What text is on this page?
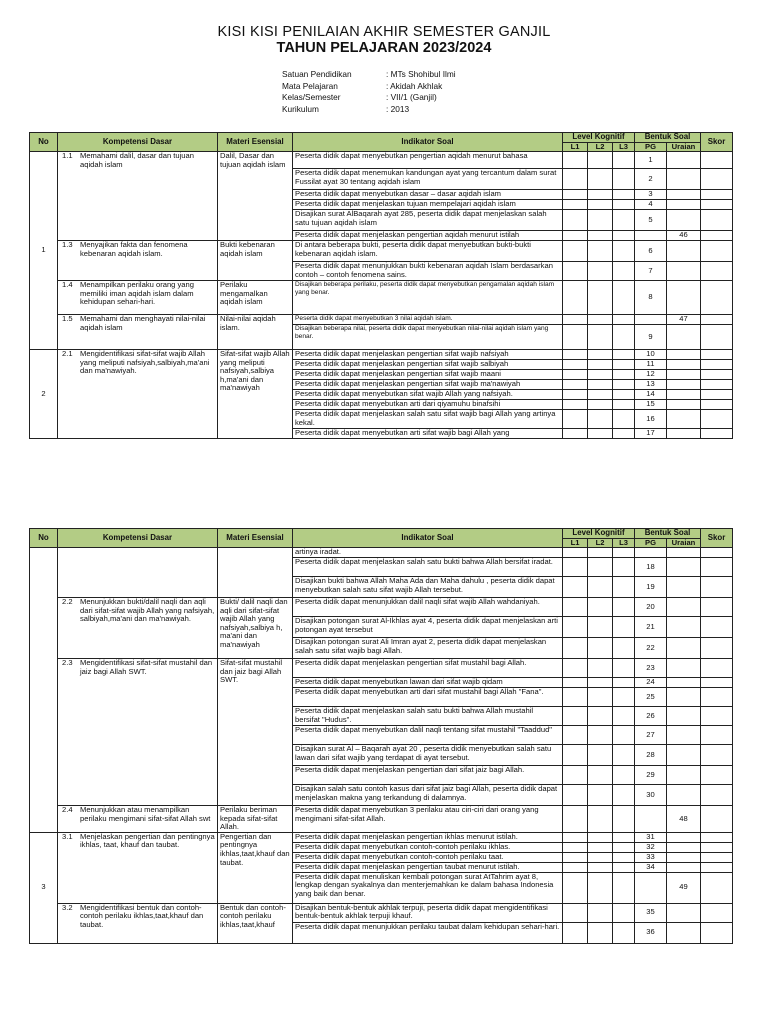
KISI KISI PENILAIAN AKHIR SEMESTER GANJIL
TAHUN PELAJARAN 2023/2024
Satuan Pendidikan	: MTs Shohibul Ilmi
Mata Pelajaran	: Akidah Akhlak
Kelas/Semester	: VII/1 (Ganjil)
Kurikulum	: 2013
No	Kompetensi Dasar	Materi Esensial	Indikator Soal	Level Kognitif			Bentuk Soal		Skor
				L1	L2	L3	PG	Uraian	
1	1.1 Memahami dalil, dasar dan tujuan aqidah islam	Dalil, Dasar dan tujuan aqidah islam	Peserta didik dapat menyebutkan pengertian aqidah menurut bahasa				1		
			Peserta didik dapat menemukan kandungan ayat yang tercantum dalam surat Fussilat ayat 30 tentang aqidah islam				2		
			Peserta didik dapat menyebutkan dasar – dasar aqidah islam				3		
			Peserta didik dapat menjelaskan tujuan mempelajari aqidah islam				4		
			Disajikan surat AlBaqarah ayat 285, peserta didik dapat menjelaskan salah satu tujuan aqidah islam				5		
			Peserta didik dapat menjelaskan pengertian aqidah menurut istilah					46	

	1.3 Menyajikan fakta dan fenomena kebenaran aqidah islam.	Bukti kebenaran aqidah islam	Di antara beberapa bukti, peserta didik dapat menyebutkan bukti-bukti kebenaran aqidah islam.				6		
			Peserta didik dapat menunjukkan bukti kebenaran aqidah Islam berdasarkan contoh – contoh fenomena sains.				7		

	1.4 Menampilkan perilaku orang yang memiliki iman aqidah islam dalam kehidupan sehari-hari.	Perilaku mengamalkan aqidah islam	Disajikan beberapa perilaku, peserta didik dapat menyebutkan pengamalan aqidah islam yang benar.				8		

	1.5 Memahami dan menghayati nilai-nilai aqidah islam	Nilai-nilai aqidah islam.	Peserta didik dapat menyebutkan 3 nilai aqidah islam.					47	
			Disajikan beberapa nilai, peserta didik dapat menyebutkan nilai-nilai aqidah islam yang benar.				9		
2	2.1 Mengidentifikasi sifat-sifat wajib Allah yang meliputi nafsiyah,salbiyah,ma'ani dan ma'nawiyah.	Sifat-sifat wajib Allah yang meliputi nafsiyah,salbiya h,ma'ani dan ma'nawiyah	Peserta didik dapat menjelaskan pengertian sifat wajib nafsiyah				10		
			Peserta didik dapat menjelaskan pengertian sifat wajib salbiyah				11		
			Peserta didik dapat menjelaskan pengertian sifat wajib maani				12		
			Peserta didik dapat menjelaskan pengertian sifat wajib ma'nawiyah				13		
			Peserta didik dapat menyebutkan sifat wajib Allah yang nafsiyah.				14		
			Peserta didik dapat menyebutkan arti dari qiyamuhu binafsihi				15		
			Peserta didik dapat menjelaskan salah satu sifat wajib bagi Allah yang artinya kekal.				16		
			Peserta didik dapat menyebutkan arti sifat wajib bagi Allah yang				17		
No	Kompetensi Dasar	Materi Esensial	Indikator Soal	Level Kognitif			Bentuk Soal		Skor
				L1	L2	L3	PG	Uraian	
			artinya iradat.						
			Peserta didik dapat menjelaskan salah satu bukti bahwa Allah bersifat iradat.				18		
			Disajikan bukti bahwa Allah Maha Ada dan Maha dahulu , peserta didik dapat menyebutkan salah satu sifat wajib Allah tersebut.				19		

	2.2 Menunjukkan bukti/dalil naqli dan aqli dari sifat-sifat wajib Allah yang nafsiyah, salbiyah,ma'ani dan ma'nawiyah.	Bukti/ dalil naqli dan aqli dari sifat-sifat wajib Allah yang nafsiyah,salbiya h, ma'ani dan ma'nawiyah	Peserta didik dapat menunjukkan dalil naqli sifat wajib Allah wahdaniyah.				20		
			Disajikan potongan surat Al-Ikhlas ayat 4, peserta didik dapat menjelaskan arti potongan ayat tersebut				21		
			Disajikan potongan surat Ali Imran ayat 2, peserta didik dapat menjelaskan salah satu sifat wajib bagi Allah.				22		

	2.3 Mengidentifikasi sifat-sifat mustahil dan jaiz bagi Allah SWT.	Sifat-sifat mustahil dan jaiz bagi Allah SWT.	Peserta didik dapat menjelaskan pengertian sifat mustahil bagi Allah.				23		
			Peserta didik dapat menyebutkan lawan dari sifat wajib qidam				24		
			Peserta didik dapat menyebutkan arti dari sifat mustahil bagi Allah "Fana".				25		
			Peserta didik dapat menjelaskan salah satu bukti bahwa Allah mustahil bersifat "Hudus".				26		
			Peserta didik dapat menyebutkan dalil naqli tentang sifat mustahil "Taaddud"				27		
			Disajikan surat Al – Baqarah ayat 20 , peserta didik menyebutkan salah satu lawan dari sifat wajib yang terdapat di ayat tersebut.				28		
			Peserta didik dapat menjelaskan pengertian dari sifat jaiz bagi Allah.				29		
			Disajikan salah satu contoh kasus dari sifat jaiz bagi Allah, peserta didik dapat menjelaskan makna yang terkandung di dalamnya.				30		

	2.4 Menunjukkan atau menampilkan perilaku mengimani sifat-sifat Allah swt	Perilaku beriman kepada sifat-sifat Allah.	Peserta didik dapat menyebutkan 3 perilaku atau ciri-ciri dari orang yang mengimani sifat-sifat Allah.					48	
3	3.1 Menjelaskan pengertian dan pentingnya ikhlas, taat, khauf dan taubat.	Pengertian dan pentingnya ikhlas,taat,khauf dan taubat.	Peserta didik dapat menjelaskan pengertian ikhlas menurut istilah.				31		
			Peserta didik dapat menyebutkan contoh-contoh perilaku ikhlas.				32		
			Peserta didik dapat menyebutkan contoh-contoh perilaku taat.				33		
			Peserta didik dapat menjelaskan pengertian taubat menurut istilah.				34		
			Peserta didik dapat menuliskan kembali potongan surat AtTahrim ayat 8, lengkap dengan syakalnya dan menterjemahkan ke dalam bahasa Indonesia yang baik dan benar.					49	

	3.2 Mengidentifikasi bentuk dan contoh-contoh perilaku ikhlas,taat,khauf dan taubat.	Bentuk dan contoh-contoh perilaku ikhlas,taat,khauf	Disajikan bentuk-bentuk akhlak terpuji, peserta didik dapat mengidentifikasi bentuk-bentuk akhlak terpuji khauf.				35		
			Peserta didik dapat menunjukkan perilaku taubat dalam kehidupan sehari-hari.				36		
